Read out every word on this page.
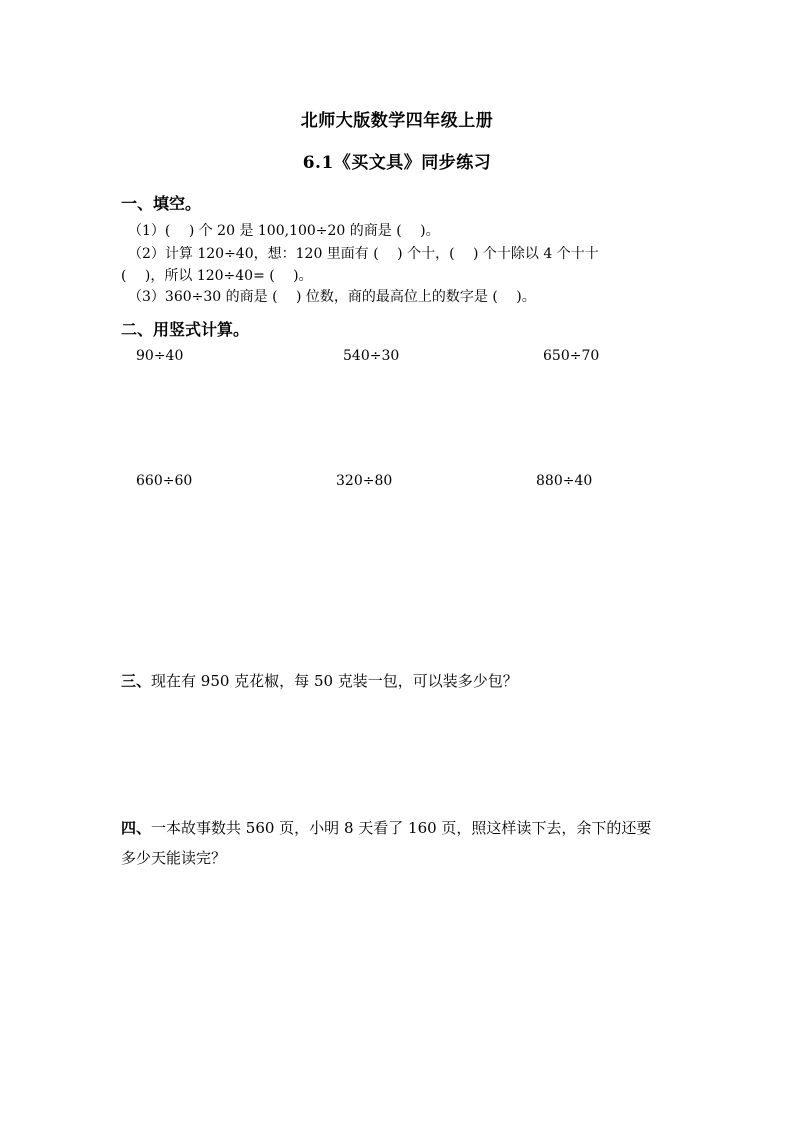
北师大版数学四年级上册
6.1《买文具》同步练习
一、填空。
（1）(　 ) 个 20 是 100,100÷20 的商是 (　 )。
（2）计算 120÷40，想：120 里面有 (　 ) 个十，(　 ) 个十除以 4 个十十
(　 )，所以 120÷40= (　 )。
（3）360÷30 的商是 (　 ) 位数，商的最高位上的数字是 (　 )。
二、用竖式计算。
90÷40	540÷30	650÷70
660÷60	320÷80	880÷40
三、现在有 950 克花椒，每 50 克装一包，可以装多少包？
四、一本故事数共 560 页，小明 8 天看了 160 页，照这样读下去，余下的还要
多少天能读完？
